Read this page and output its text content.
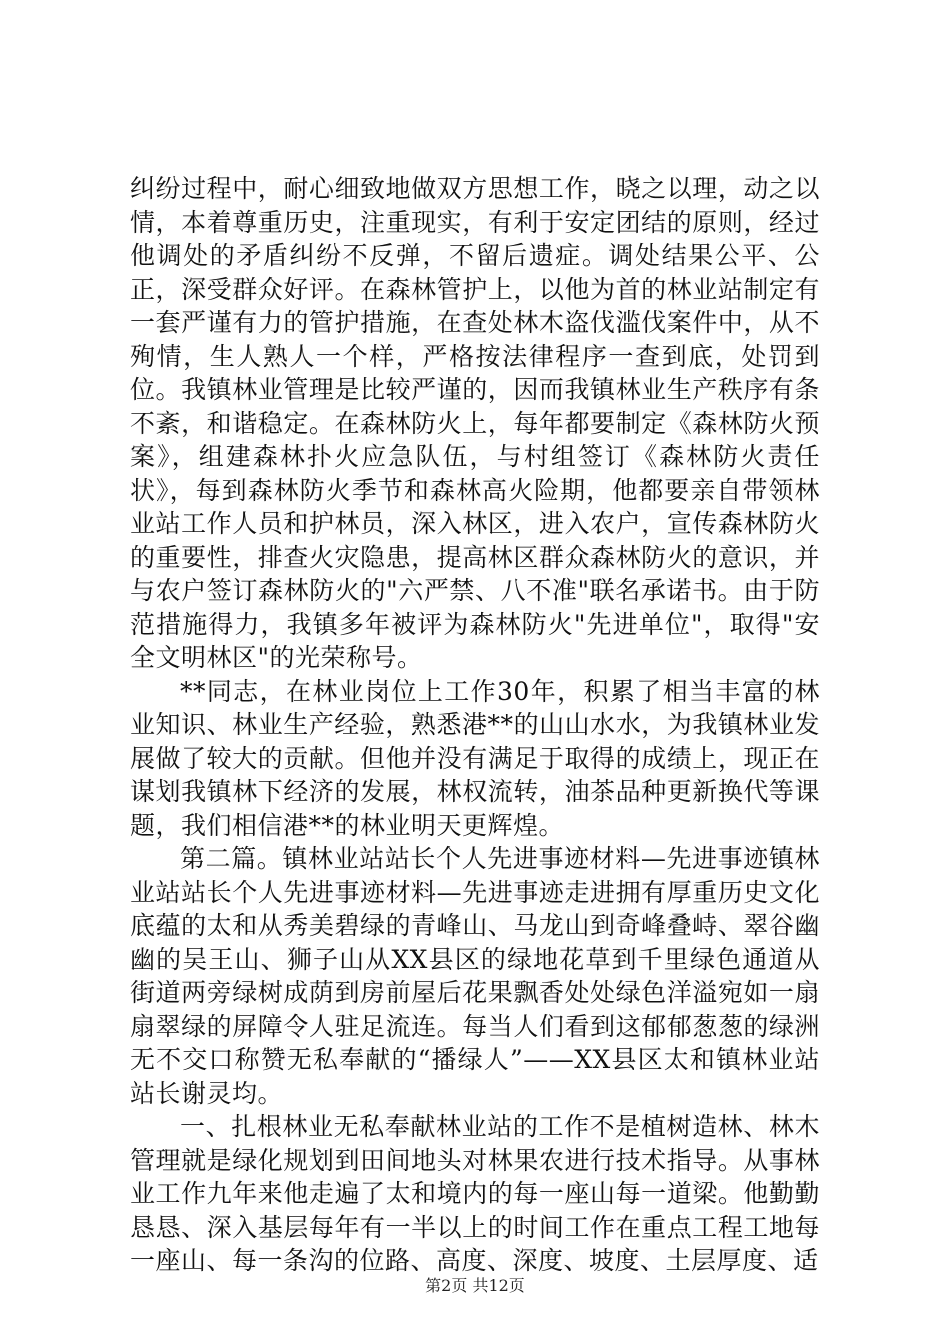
纠纷过程中，耐心细致地做双方思想工作，晓之以理，动之以情，本着尊重历史，注重现实，有利于安定团结的原则，经过他调处的矛盾纠纷不反弹，不留后遗症。调处结果公平、公正，深受群众好评。在森林管护上，以他为首的林业站制定有一套严谨有力的管护措施，在查处林木盗伐滥伐案件中，从不殉情，生人熟人一个样，严格按法律程序一查到底，处罚到位。我镇林业管理是比较严谨的，因而我镇林业生产秩序有条不紊，和谐稳定。在森林防火上，每年都要制定《森林防火预案》，组建森林扑火应急队伍，与村组签订《森林防火责任状》，每到森林防火季节和森林高火险期，他都要亲自带领林业站工作人员和护林员，深入林区，进入农户，宣传森林防火的重要性，排查火灾隐患，提高林区群众森林防火的意识，并与农户签订森林防火的"六严禁、八不准"联名承诺书。由于防范措施得力，我镇多年被评为森林防火"先进单位"，取得"安全文明林区"的光荣称号。

**同志，在林业岗位上工作30年，积累了相当丰富的林业知识、林业生产经验，熟悉港**的山山水水，为我镇林业发展做了较大的贡献。但他并没有满足于取得的成绩上，现正在谋划我镇林下经济的发展，林权流转，油茶品种更新换代等课题，我们相信港**的林业明天更辉煌。

第二篇。镇林业站站长个人先进事迹材料—先进事迹镇林业站站长个人先进事迹材料—先进事迹走进拥有厚重历史文化底蕴的太和从秀美碧绿的青峰山、马龙山到奇峰叠峙、翠谷幽幽的吴王山、狮子山从XX县区的绿地花草到千里绿色通道从街道两旁绿树成荫到房前屋后花果飘香处处绿色洋溢宛如一扇扇翠绿的屏障令人驻足流连。每当人们看到这郁郁葱葱的绿洲无不交口称赞无私奉献的“播绿人”——XX县区太和镇林业站站长谢灵均。

一、扎根林业无私奉献林业站的工作不是植树造林、林木管理就是绿化规划到田间地头对林果农进行技术指导。从事林业工作九年来他走遍了太和境内的每一座山每一道梁。他勤勤恳恳、深入基层每年有一半以上的时间工作在重点工程工地每一座山、每一条沟的位路、高度、深度、坡度、土层厚度、适

第2页 共12页
